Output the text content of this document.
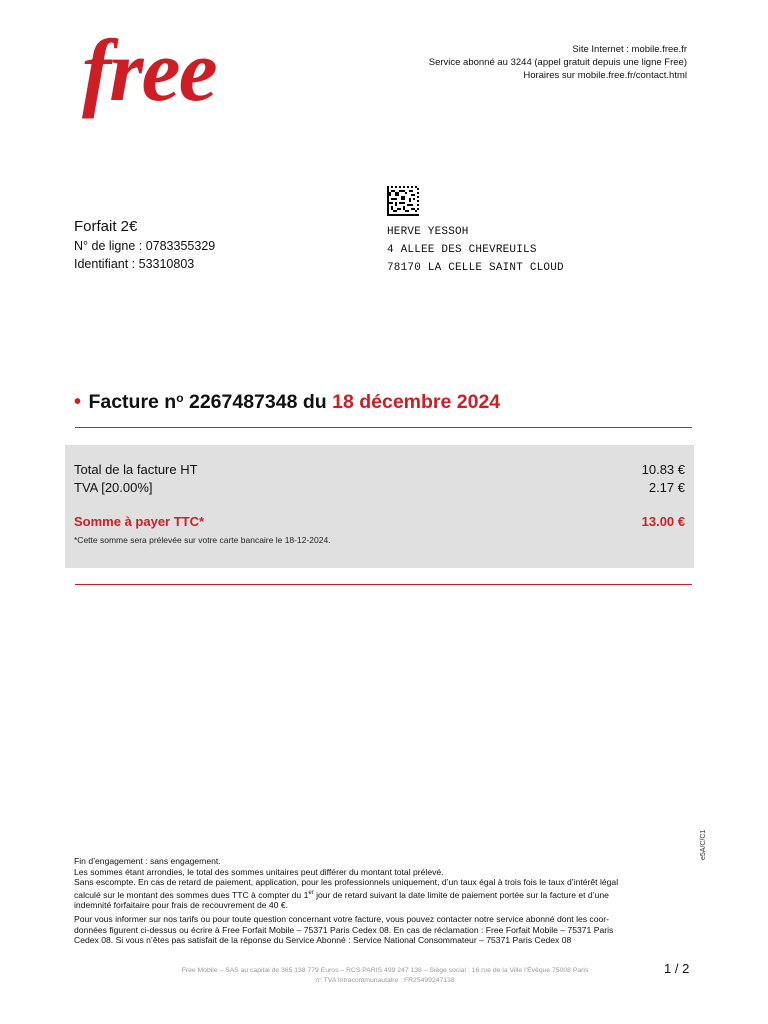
free	Site Internet : mobile.free.fr
Service abonné au 3244 (appel gratuit depuis une ligne Free)
Horaires sur mobile.free.fr/contact.html
Forfait 2€
N° de ligne : 0783355329
Identifiant : 53310803
HERVE YESSOH
4 ALLEE DES CHEVREUILS
78170 LA CELLE SAINT CLOUD
• Facture $n^o$ 2267487348 du 18 décembre 2024
Total de la facture HT	10.83 €
TVA [20.00%]	2.17 €
Somme à payer TTC*	13.00 €
*Cette somme sera prélevée sur votre carte bancaire le 18-12-2024.
e5A/C/C1

Fin d’engagement : sans engagement.

Les sommes étant arrondies, le total des sommes unitaires peut différer du montant total prélevé.

Sans escompte. En cas de retard de paiement, application, pour les professionnels uniquement, d’un taux égal à trois fois le taux d’intérêt légal

calculé sur le montant des sommes dues TTC à compter du 1er jour de retard suivant la date limite de paiement portée sur la facture et d’une

indemnité forfaitaire pour frais de recouvrement de 40 €.

Pour vous informer sur nos tarifs ou pour toute question concernant votre facture, vous pouvez contacter notre service abonné dont les coor-

données figurent ci-dessus ou écrire à Free Forfait Mobile – 75371 Paris Cedex 08. En cas de réclamation : Free Forfait Mobile – 75371 Paris

Cedex 08. Si vous n’êtes pas satisfait de la réponse du Service Abonné : Service National Consommateur – 75371 Paris Cedex 08

Free Mobile – SAS au capital de 365 138 779 Euros – RCS PARIS 499 247 138 – Siège social : 16 rue de la Ville l’Évêque 75008 Paris
n° TVA Intracommunautaire : FR25499247138
1 / 2
